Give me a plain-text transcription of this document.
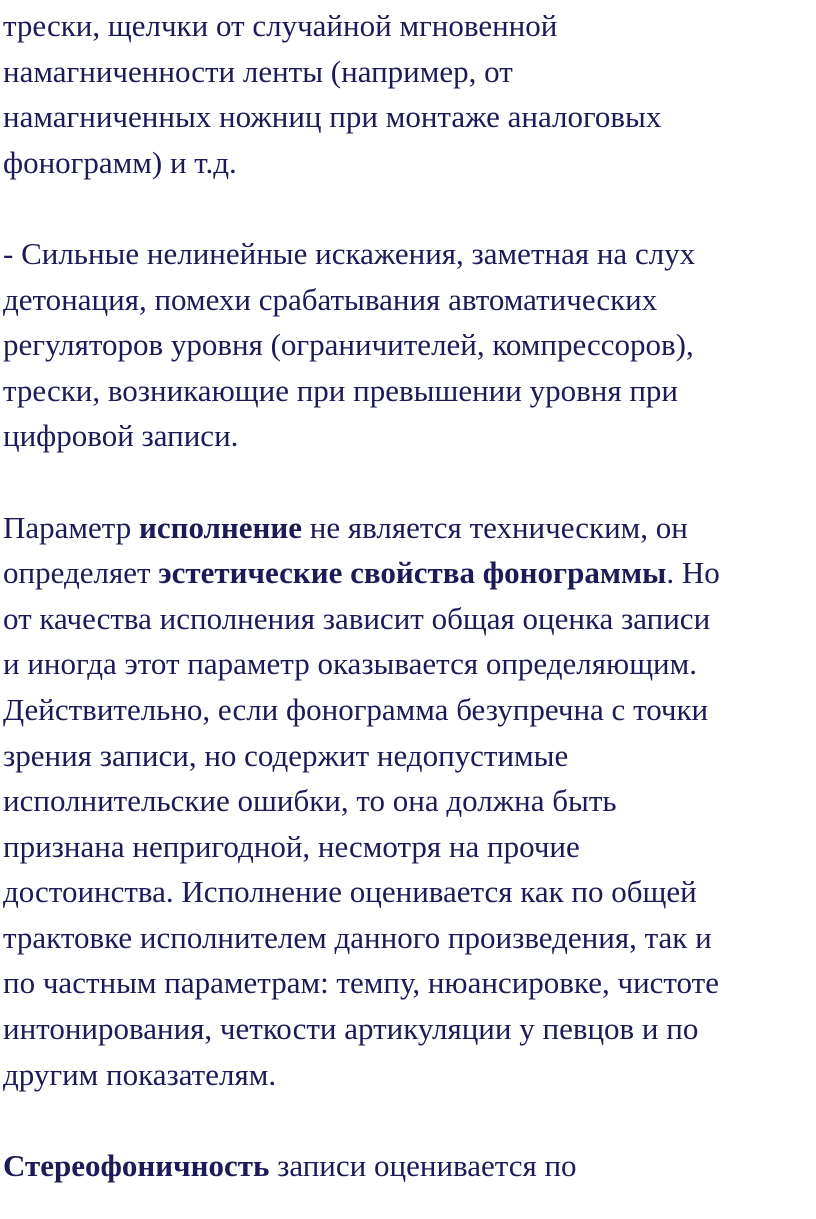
трески, щелчки от случайной мгновенной
намагниченности ленты (например, от
намагниченных ножниц при монтаже аналоговых
фонограмм) и т.д.

- Сильные нелинейные искажения, заметная на слух
детонация, помехи срабатывания автоматических
регуляторов уровня (ограничителей, компрессоров),
трески, возникающие при превышении уровня при
цифровой записи.

Параметр исполнение не является техническим, он
определяет эстетические свойства фонограммы. Но
от качества исполнения зависит общая оценка записи
и иногда этот параметр оказывается определяющим.
Действительно, если фонограмма безупречна с точки
зрения записи, но содержит недопустимые
исполнительские ошибки, то она должна быть
признана непригодной, несмотря на прочие
достоинства. Исполнение оценивается как по общей
трактовке исполнителем данного произведения, так и
по частным параметрам: темпу, нюансировке, чистоте
интонирования, четкости артикуляции у певцов и по
другим показателям.

Стереофоничность записи оценивается по
